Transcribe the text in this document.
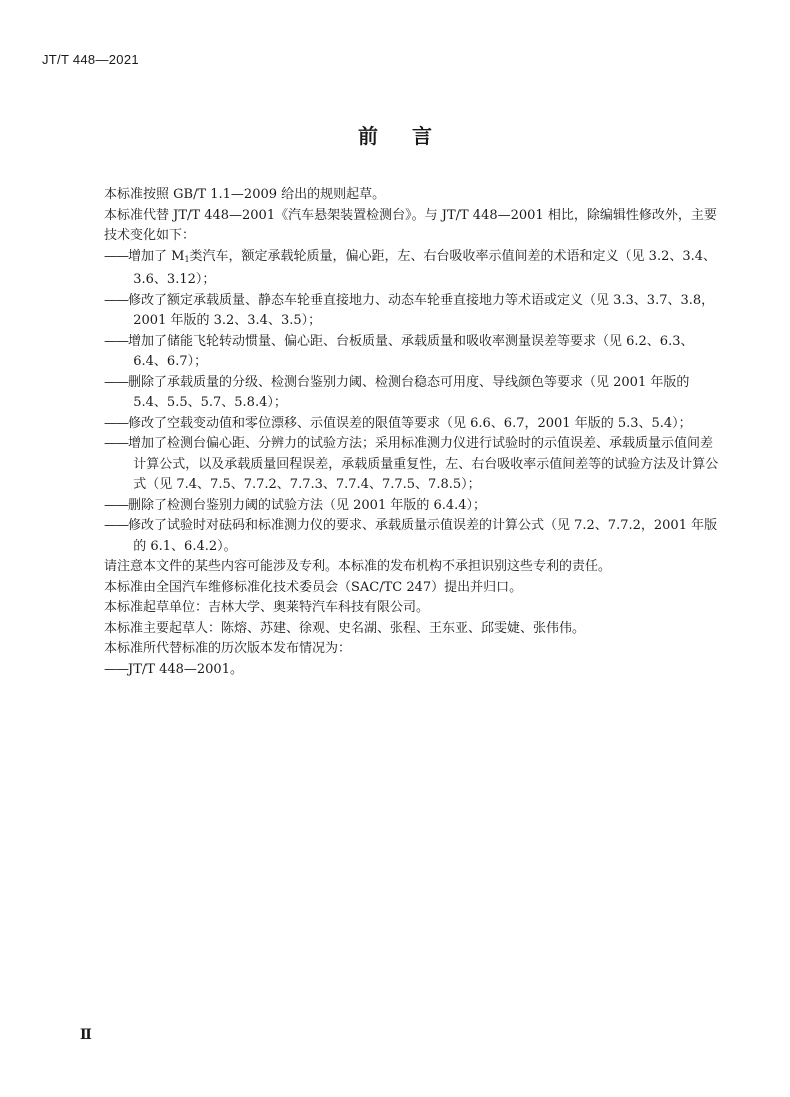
JT/T 448—2021
前言

本标准按照 GB/T 1.1—2009 给出的规则起草。

本标准代替 JT/T 448—2001《汽车悬架装置检测台》。与 JT/T 448—2001 相比，除编辑性修改外，主要技术变化如下：

——增加了 $M_1$类汽车，额定承载轮质量，偏心距，左、右台吸收率示值间差的术语和定义（见 3.2、3.4、3.6、3.12）；

——修改了额定承载质量、静态车轮垂直接地力、动态车轮垂直接地力等术语或定义（见 3.3、3.7、3.8，2001 年版的 3.2、3.4、3.5）；

——增加了储能飞轮转动惯量、偏心距、台板质量、承载质量和吸收率测量误差等要求（见 6.2、6.3、6.4、6.7）；

——删除了承载质量的分级、检测台鉴别力阈、检测台稳态可用度、导线颜色等要求（见 2001 年版的 5.4、5.5、5.7、5.8.4）；

——修改了空载变动值和零位漂移、示值误差的限值等要求（见 6.6、6.7，2001 年版的 5.3、5.4）；

——增加了检测台偏心距、分辨力的试验方法；采用标准测力仪进行试验时的示值误差、承载质量示值间差计算公式，以及承载质量回程误差，承载质量重复性，左、右台吸收率示值间差等的试验方法及计算公式（见 7.4、7.5、7.7.2、7.7.3、7.7.4、7.7.5、7.8.5）；

——删除了检测台鉴别力阈的试验方法（见 2001 年版的 6.4.4）；

——修改了试验时对砝码和标准测力仪的要求、承载质量示值误差的计算公式（见 7.2、7.7.2，2001 年版的 6.1、6.4.2）。

请注意本文件的某些内容可能涉及专利。本标准的发布机构不承担识别这些专利的责任。

本标准由全国汽车维修标准化技术委员会（SAC/TC 247）提出并归口。

本标准起草单位：吉林大学、奥莱特汽车科技有限公司。

本标准主要起草人：陈熔、苏建、徐观、史名湖、张程、王东亚、邱雯婕、张伟伟。

本标准所代替标准的历次版本发布情况为：

——JT/T 448—2001。

Ⅱ
